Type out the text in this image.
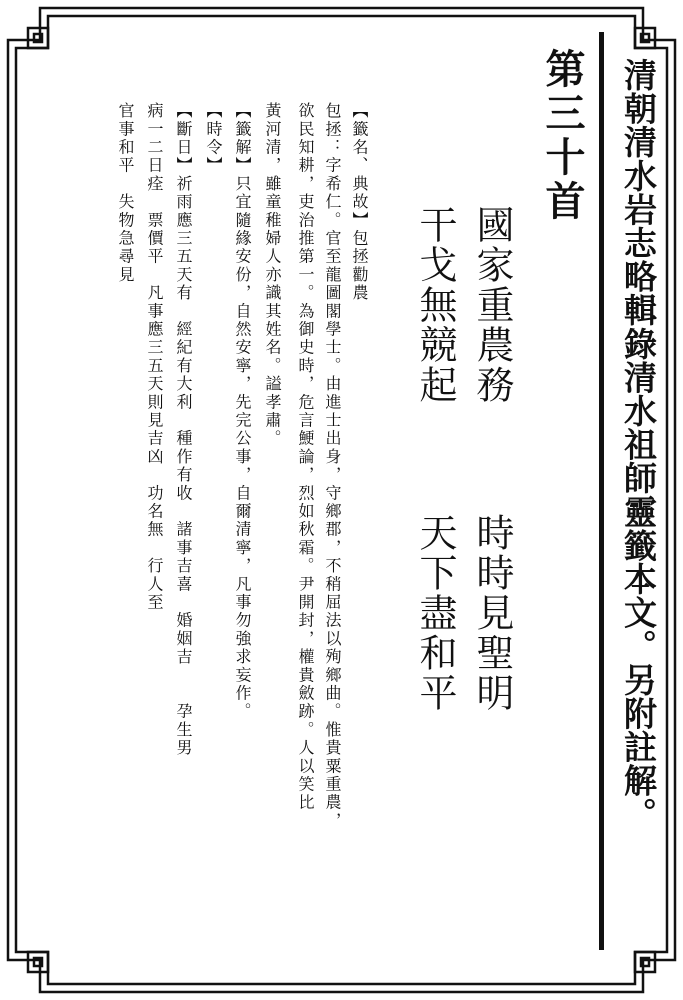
清朝清水岩志略輯錄清水祖師靈籤本文。另附註解。
第三十首
國家重農務
時時見聖明
干戈無競起
天下盡和平
【籤名、典故】包拯勸農
包拯：字希仁。官至龍圖閣學士。由進士出身，守鄉郡，不稍屈法以殉鄉曲。惟貴粟重農，
欲民知耕，吏治推第一。為御史時，危言鯁論，烈如秋霜。尹開封，權貴斂跡。人以笑比
黃河清，雖童稚婦人亦識其姓名。謚孝肅。
【籤解】只宜隨緣安份，自然安寧，先完公事，自爾清寧，凡事勿強求妄作。
【時令】
【斷日】祈雨應三五天有　經紀有大利　種作有收　諸事吉喜　婚姻吉　　孕生男
病一二日痊　票價平　凡事應三五天則見吉凶　功名無　行人至
官事和平　失物急尋見
